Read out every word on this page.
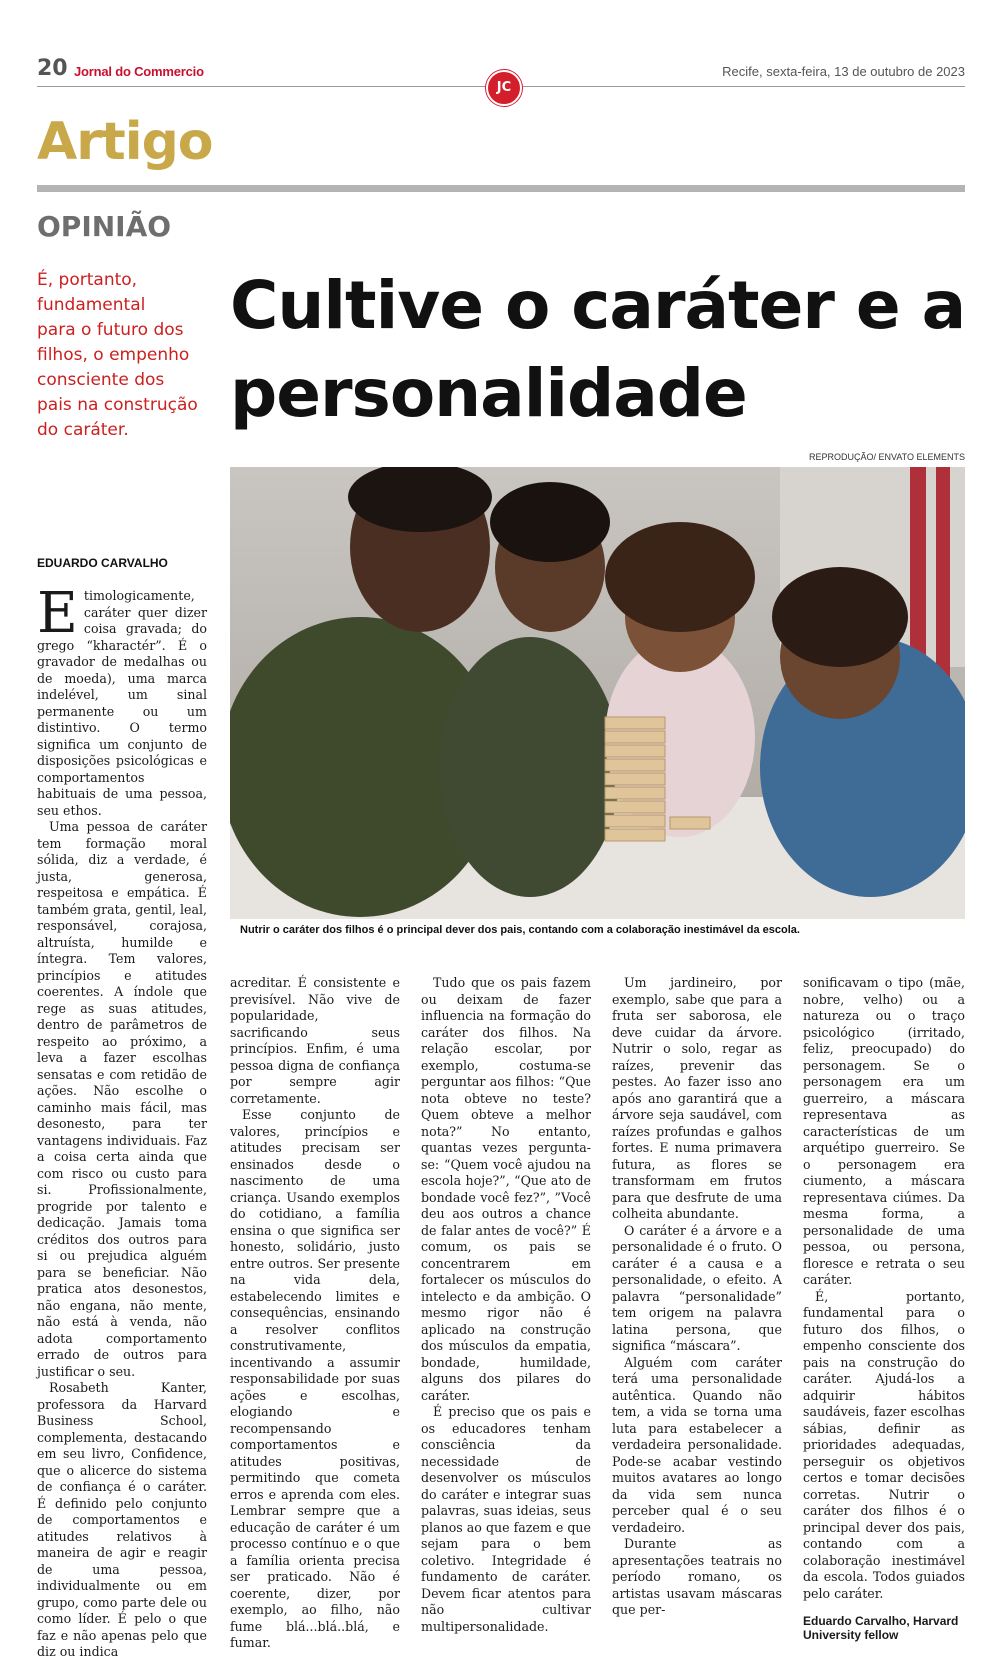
20 Jornal do Commercio	Recife, sexta-feira, 13 de outubro de 2023
JC
Artigo
OPINIÃO
É, portanto,
fundamental
para o futuro dos
filhos, o empenho
consciente dos
pais na construção
do caráter.
Cultive o caráter e a personalidade
REPRODUÇÃO/ ENVATO ELEMENTS
Nutrir o caráter dos filhos é o principal dever dos pais, contando com a colaboração inestimável da escola.
EDUARDO CARVALHO

Etimologicamente, caráter quer dizer coisa gravada; do grego “kharactér”. É o gravador de medalhas ou de moeda), uma marca indelével, um sinal permanente ou um distintivo. O termo significa um conjunto de disposições psicológicas e comportamentos habituais de uma pessoa, seu ethos.

Uma pessoa de caráter tem formação moral sólida, diz a verdade, é justa, generosa, respeitosa e empática. É também grata, gentil, leal, responsável, corajosa, altruísta, humilde e íntegra. Tem valores, princípios e atitudes coerentes. A índole que rege as suas atitudes, dentro de parâmetros de respeito ao próximo, a leva a fazer escolhas sensatas e com retidão de ações. Não escolhe o caminho mais fácil, mas desonesto, para ter vantagens individuais. Faz a coisa certa ainda que com risco ou custo para si. Profissionalmente, progride por talento e dedicação. Jamais toma créditos dos outros para si ou prejudica alguém para se beneficiar. Não pratica atos desonestos, não engana, não mente, não está à venda, não adota comportamento errado de outros para justificar o seu.

Rosabeth Kanter, professora da Harvard Business School, complementa, destacando em seu livro, Confidence, que o alicerce do sistema de confiança é o caráter. É definido pelo conjunto de comportamentos e atitudes relativos à maneira de agir e reagir de uma pessoa, individualmente ou em grupo, como parte dele ou como líder. É pelo o que faz e não apenas pelo que diz ou indica

acreditar. É consistente e previsível. Não vive de popularidade, sacrificando seus princípios. Enfim, é uma pessoa digna de confiança por sempre agir corretamente.

Esse conjunto de valores, princípios e atitudes precisam ser ensinados desde o nascimento de uma criança. Usando exemplos do cotidiano, a família ensina o que significa ser honesto, solidário, justo entre outros. Ser presente na vida dela, estabelecendo limites e consequências, ensinando a resolver conflitos construtivamente, incentivando a assumir responsabilidade por suas ações e escolhas, elogiando e recompensando comportamentos e atitudes positivas, permitindo que cometa erros e aprenda com eles. Lembrar sempre que a educação de caráter é um processo contínuo e o que a família orienta precisa ser praticado. Não é coerente, dizer, por exemplo, ao filho, não fume blá...blá..blá, e fumar.

Tudo que os pais fazem ou deixam de fazer influencia na formação do caráter dos filhos. Na relação escolar, por exemplo, costuma-se perguntar aos filhos: “Que nota obteve no teste? Quem obteve a melhor nota?” No entanto, quantas vezes pergunta-se: “Quem você ajudou na escola hoje?”, “Que ato de bondade você fez?”, ”Você deu aos outros a chance de falar antes de você?” É comum, os pais se concentrarem em fortalecer os músculos do intelecto e da ambição. O mesmo rigor não é aplicado na construção dos músculos da empatia, bondade, humildade, alguns dos pilares do caráter.

É preciso que os pais e os educadores tenham consciência da necessidade de desenvolver os músculos do caráter e integrar suas palavras, suas ideias, seus planos ao que fazem e que sejam para o bem coletivo. Integridade é fundamento de caráter. Devem ficar atentos para não cultivar multipersonalidade.

Um jardineiro, por exemplo, sabe que para a fruta ser saborosa, ele deve cuidar da árvore. Nutrir o solo, regar as raízes, prevenir das pestes. Ao fazer isso ano após ano garantirá que a árvore seja saudável, com raízes profundas e galhos fortes. E numa primavera futura, as flores se transformam em frutos para que desfrute de uma colheita abundante.

O caráter é a árvore e a personalidade é o fruto. O caráter é a causa e a personalidade, o efeito. A palavra “personalidade” tem origem na palavra latina persona, que significa “máscara”.

Alguém com caráter terá uma personalidade autêntica. Quando não tem, a vida se torna uma luta para estabelecer a verdadeira personalidade. Pode-se acabar vestindo muitos avatares ao longo da vida sem nunca perceber qual é o seu verdadeiro.

Durante as apresentações teatrais no período romano, os artistas usavam máscaras que per-

sonificavam o tipo (mãe, nobre, velho) ou a natureza ou o traço psicológico (irritado, feliz, preocupado) do personagem. Se o personagem era um guerreiro, a máscara representava as características de um arquétipo guerreiro. Se o personagem era ciumento, a máscara representava ciúmes. Da mesma forma, a personalidade de uma pessoa, ou persona, floresce e retrata o seu caráter.

É, portanto, fundamental para o futuro dos filhos, o empenho consciente dos pais na construção do caráter. Ajudá-los a adquirir hábitos saudáveis, fazer escolhas sábias, definir as prioridades adequadas, perseguir os objetivos certos e tomar decisões corretas. Nutrir o caráter dos filhos é o principal dever dos pais, contando com a colaboração inestimável da escola. Todos guiados pelo caráter.

Eduardo Carvalho, Harvard University fellow
